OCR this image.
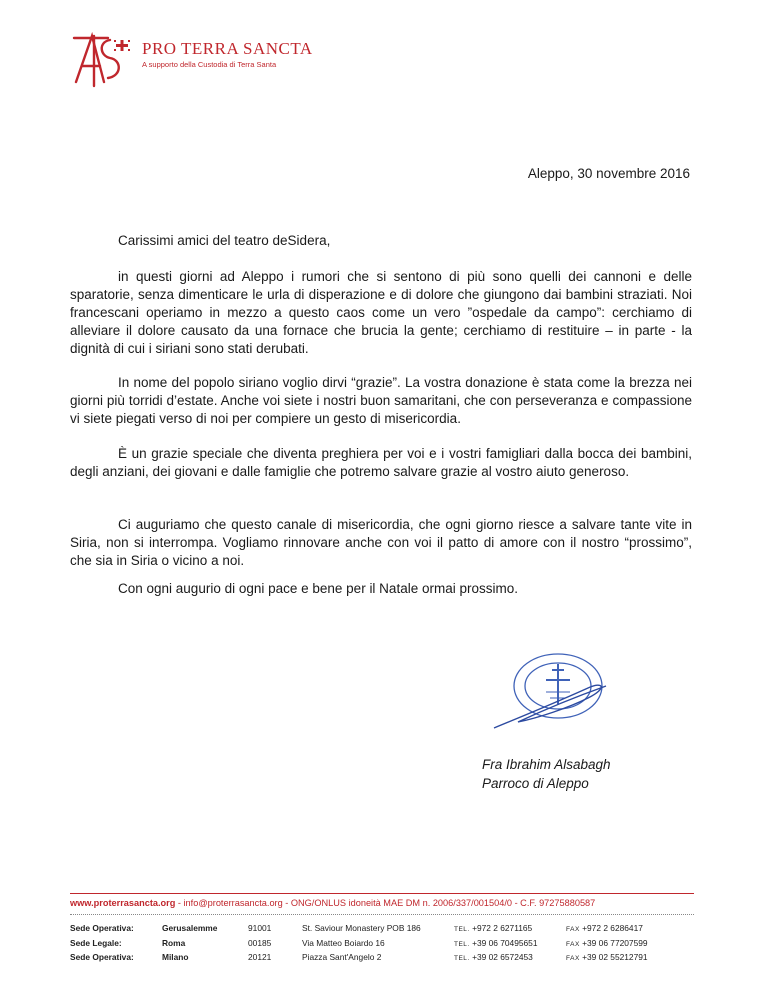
PRO TERRA SANCTA
A supporto della Custodia di Terra Santa
Aleppo, 30 novembre 2016
Carissimi amici del teatro deSidera,

in questi giorni ad Aleppo i rumori che si sentono di più sono quelli dei cannoni e delle sparatorie, senza dimenticare le urla di disperazione e di dolore che giungono dai bambini straziati. Noi francescani operiamo in mezzo a questo caos come un vero ”ospedale da campo”: cerchiamo di alleviare il dolore causato da una fornace che brucia la gente; cerchiamo di restituire – in parte - la dignità di cui i siriani sono stati derubati.

In nome del popolo siriano voglio dirvi “grazie”. La vostra donazione è stata come la brezza nei giorni più torridi d’estate. Anche voi siete i nostri buon samaritani, che con perseveranza e compassione vi siete piegati verso di noi per compiere un gesto di misericordia.

È un grazie speciale che diventa preghiera per voi e i vostri famigliari dalla bocca dei bambini, degli anziani, dei giovani e dalle famiglie che potremo salvare grazie al vostro aiuto generoso.

Ci auguriamo che questo canale di misericordia, che ogni giorno riesce a salvare tante vite in Siria, non si interrompa. Vogliamo rinnovare anche con voi il patto di amore con il nostro “prossimo”, che sia in Siria o vicino a noi.

Con ogni augurio di ogni pace e bene per il Natale ormai prossimo.

Fra Ibrahim Alsabagh
Parroco di Aleppo
www.proterrasancta.org - info@proterrasancta.org - ONG/ONLUS idoneità MAE DM n. 2006/337/001504/0 - C.F. 97275880587
Sede Operativa:	Gerusalemme	91001	St. Saviour Monastery POB 186	TEL. +972 2 6271165	FAX +972 2 6286417
Sede Legale:	Roma	00185	Via Matteo Boiardo 16	TEL. +39 06 70495651	FAX +39 06 77207599
Sede Operativa:	Milano	20121	Piazza Sant'Angelo 2	TEL. +39 02 6572453	FAX +39 02 55212791
